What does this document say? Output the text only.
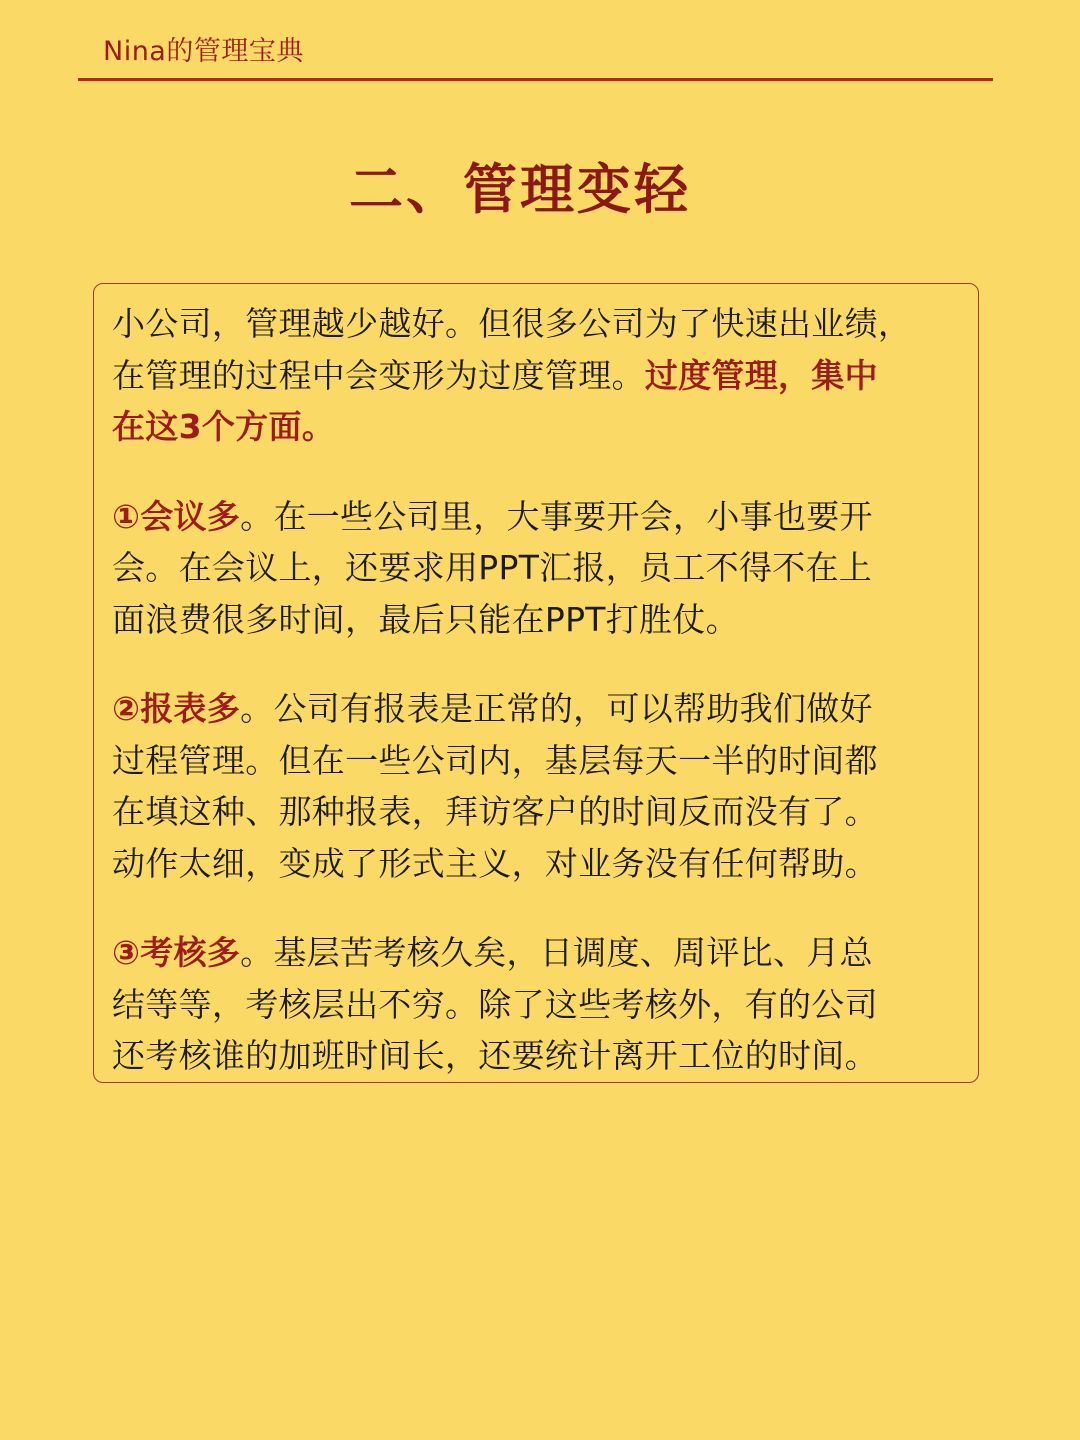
Nina的管理宝典
二、管理变轻

小公司，管理越少越好。但很多公司为了快速出业绩，
在管理的过程中会变形为过度管理。过度管理，集中
在这3个方面。

①会议多。在一些公司里，大事要开会，小事也要开
会。在会议上，还要求用PPT汇报，员工不得不在上
面浪费很多时间，最后只能在PPT打胜仗。

②报表多。公司有报表是正常的，可以帮助我们做好
过程管理。但在一些公司内，基层每天一半的时间都
在填这种、那种报表，拜访客户的时间反而没有了。
动作太细，变成了形式主义，对业务没有任何帮助。

③考核多。基层苦考核久矣，日调度、周评比、月总
结等等，考核层出不穷。除了这些考核外，有的公司
还考核谁的加班时间长，还要统计离开工位的时间。
